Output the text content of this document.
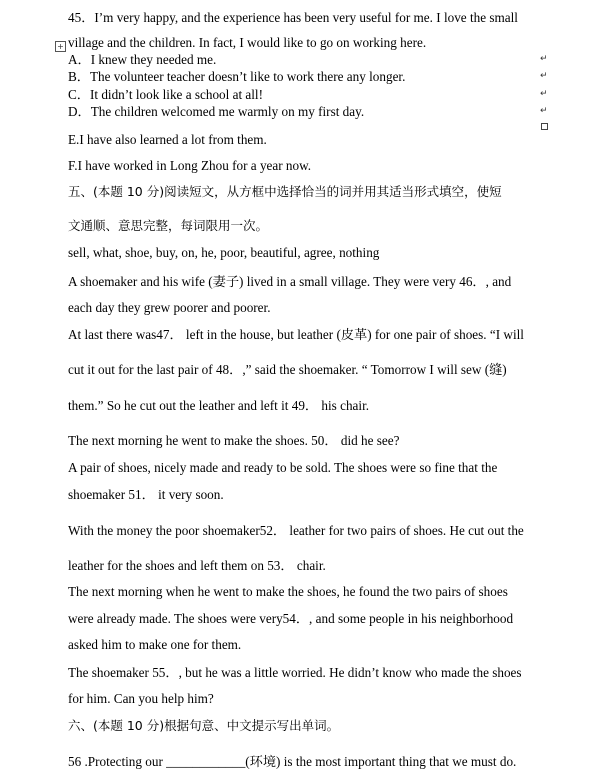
+
↵
↵
↵
↵
45．I’m very happy, and the experience has been very useful for me. I love the small
village and the children. In fact, I would like to go on working here.
A．I knew they needed me.
B．The volunteer teacher doesn’t like to work there any longer.
C．It didn’t look like a school at all!
D．The children welcomed me warmly on my first day.
E.I have also learned a lot from them.
F.I have worked in Long Zhou for a year now.
五、(本题 10 分)阅读短文，从方框中选择恰当的词并用其适当形式填空，使短
文通顺、意思完整，每词限用一次。
sell, what, shoe, buy, on, he, poor, beautiful, agree, nothing
A shoemaker and his wife (妻子) lived in a small village. They were very 46．, and
each day they grew poorer and poorer.
At last there was47． left in the house, but leather (皮革) for one pair of shoes. “I will
cut it out for the last pair of 48．,” said the shoemaker. “ Tomorrow I will sew (缝)
them.” So he cut out the leather and left it 49． his chair.
The next morning he went to make the shoes. 50． did he see?
A pair of shoes, nicely made and ready to be sold. The shoes were so fine that the
shoemaker 51． it very soon.
With the money the poor shoemaker52． leather for two pairs of shoes. He cut out the
leather for the shoes and left them on 53． chair.
The next morning when he went to make the shoes, he found the two pairs of shoes
were already made. The shoes were very54．, and some people in his neighborhood
asked him to make one for them.
The shoemaker 55．, but he was a little worried. He didn’t know who made the shoes
for him. Can you help him?
六、(本题 10 分)根据句意、中文提示写出单词。
56 .Protecting our ____________(环境) is the most important thing that we must do.
